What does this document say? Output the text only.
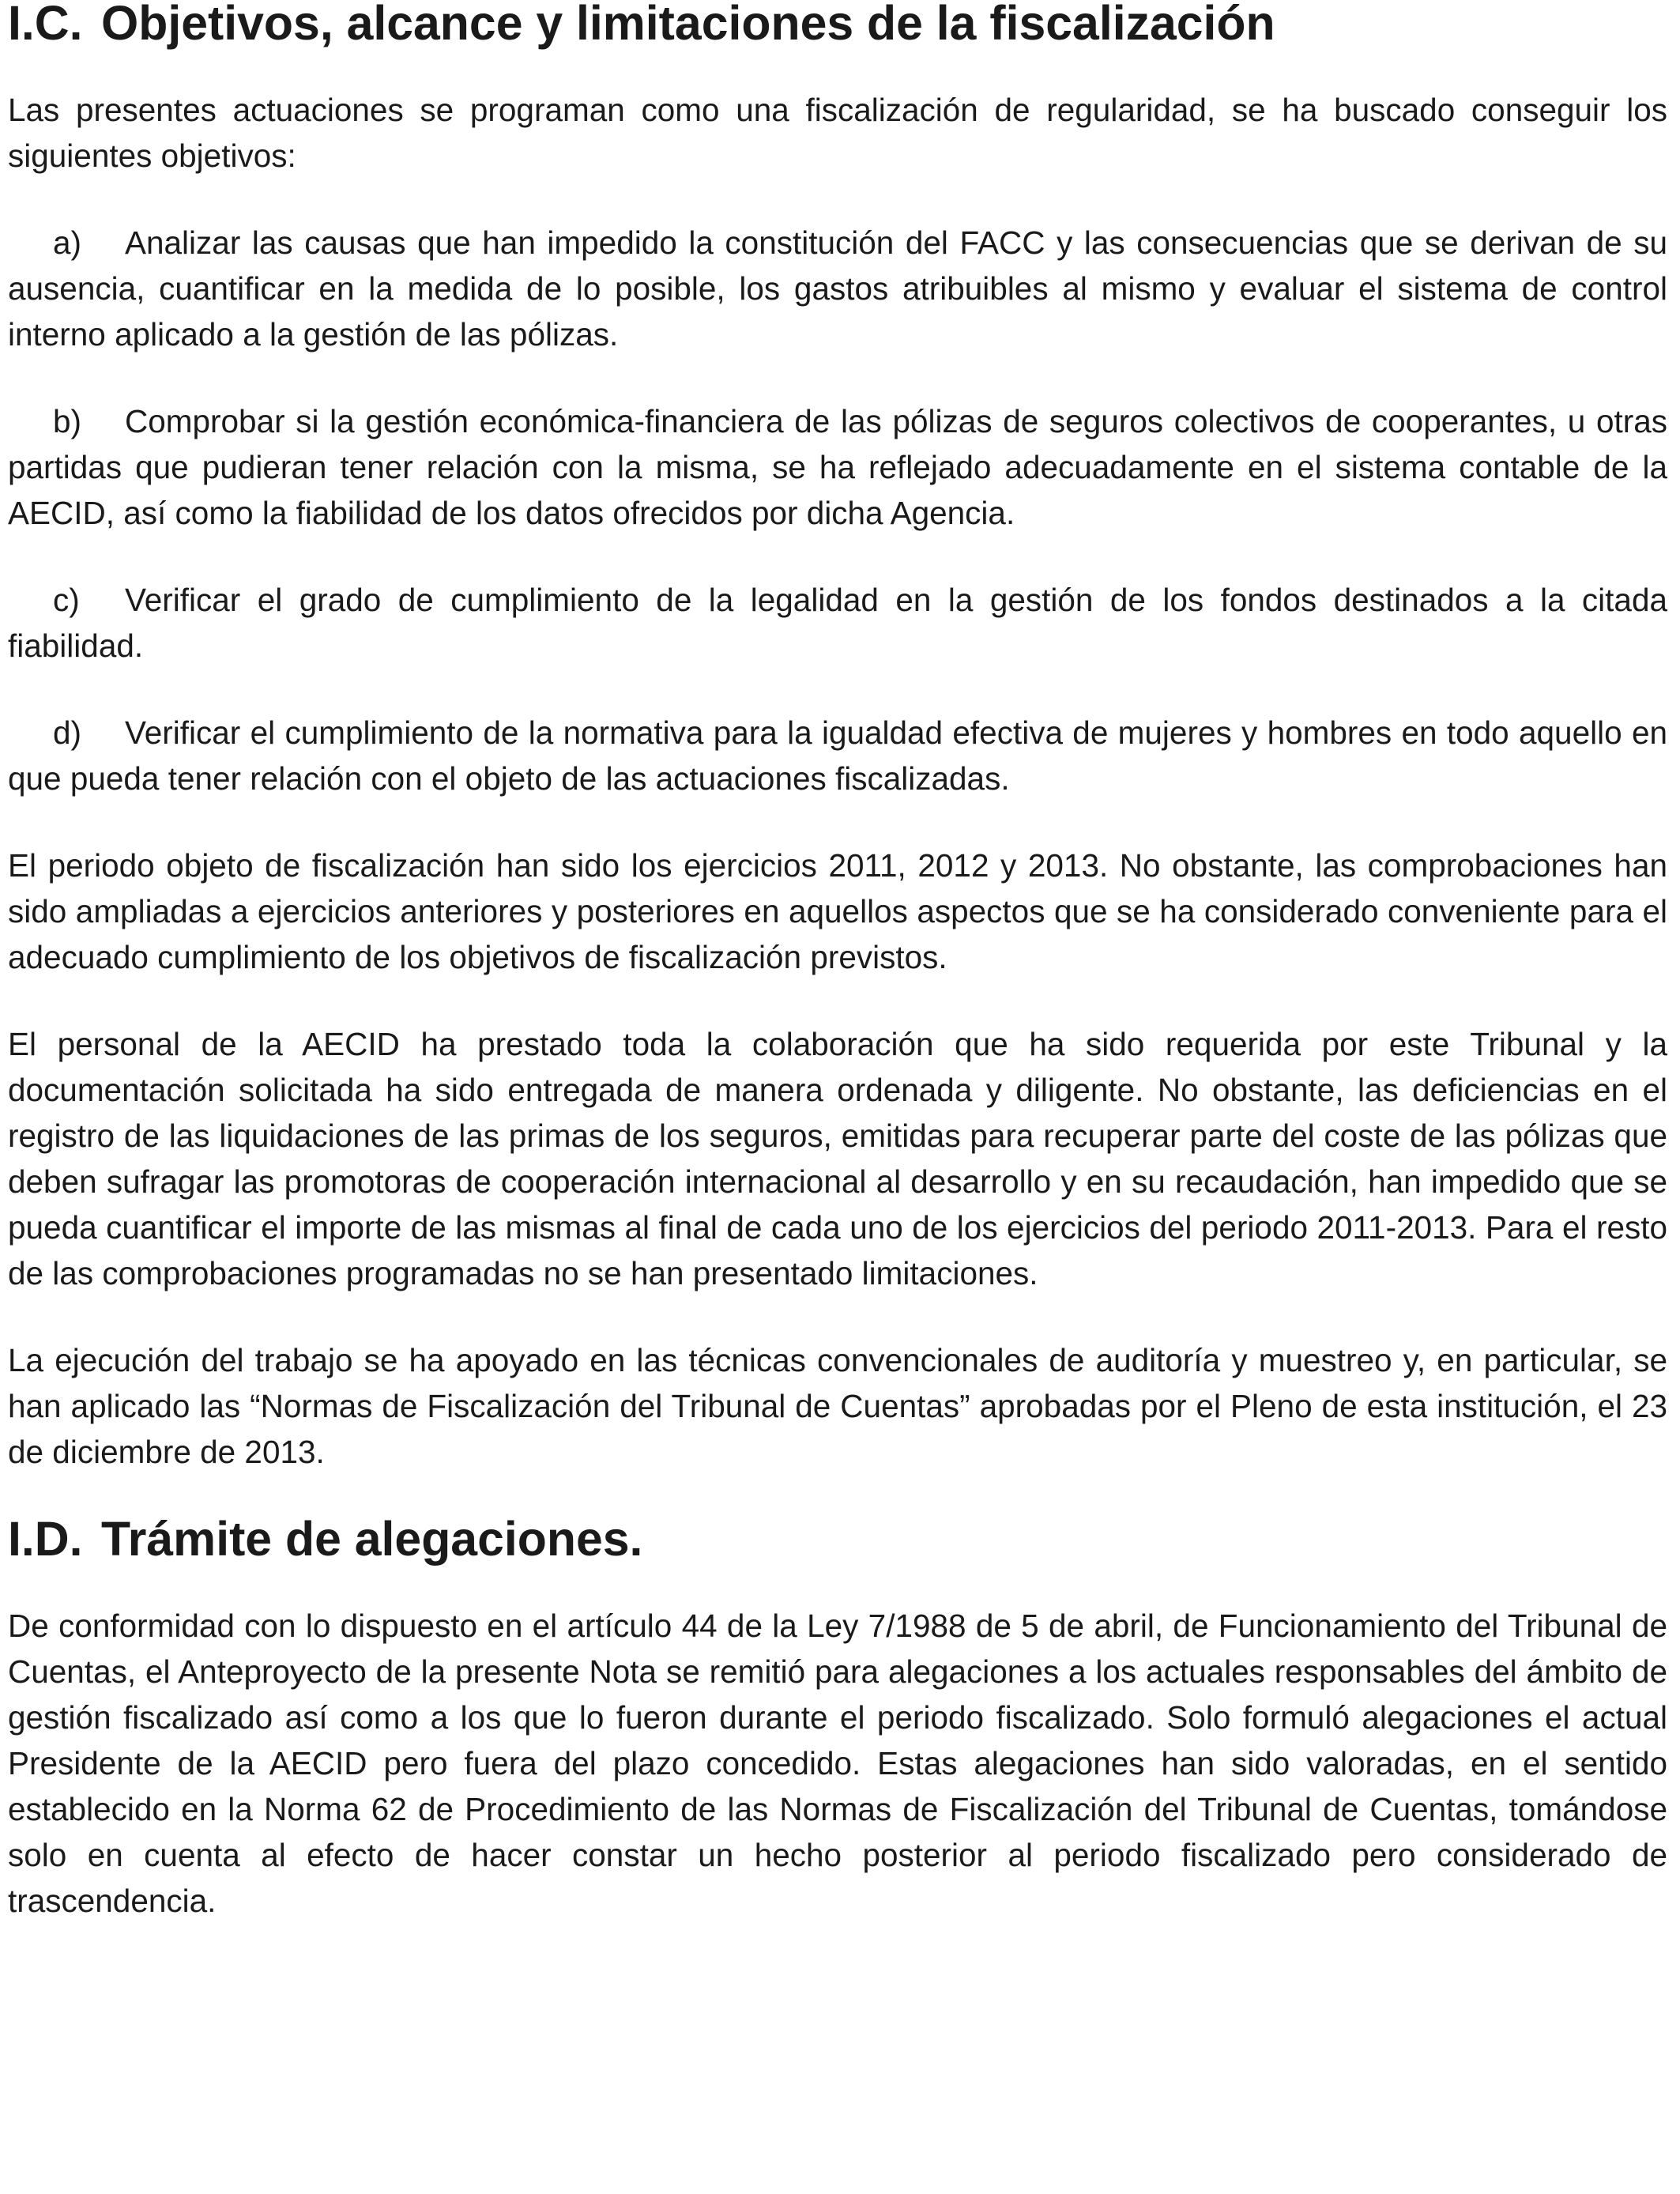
I.C. Objetivos, alcance y limitaciones de la fiscalización

Las presentes actuaciones se programan como una fiscalización de regularidad, se ha buscado conseguir los siguientes objetivos:

a) Analizar las causas que han impedido la constitución del FACC y las consecuencias que se derivan de su ausencia, cuantificar en la medida de lo posible, los gastos atribuibles al mismo y evaluar el sistema de control interno aplicado a la gestión de las pólizas.

b) Comprobar si la gestión económica-financiera de las pólizas de seguros colectivos de cooperantes, u otras partidas que pudieran tener relación con la misma, se ha reflejado adecuadamente en el sistema contable de la AECID, así como la fiabilidad de los datos ofrecidos por dicha Agencia.

c) Verificar el grado de cumplimiento de la legalidad en la gestión de los fondos destinados a la citada fiabilidad.

d) Verificar el cumplimiento de la normativa para la igualdad efectiva de mujeres y hombres en todo aquello en que pueda tener relación con el objeto de las actuaciones fiscalizadas.

El periodo objeto de fiscalización han sido los ejercicios 2011, 2012 y 2013. No obstante, las comprobaciones han sido ampliadas a ejercicios anteriores y posteriores en aquellos aspectos que se ha considerado conveniente para el adecuado cumplimiento de los objetivos de fiscalización previstos.

El personal de la AECID ha prestado toda la colaboración que ha sido requerida por este Tribunal y la documentación solicitada ha sido entregada de manera ordenada y diligente. No obstante, las deficiencias en el registro de las liquidaciones de las primas de los seguros, emitidas para recuperar parte del coste de las pólizas que deben sufragar las promotoras de cooperación internacional al desarrollo y en su recaudación, han impedido que se pueda cuantificar el importe de las mismas al final de cada uno de los ejercicios del periodo 2011-2013. Para el resto de las comprobaciones programadas no se han presentado limitaciones.

La ejecución del trabajo se ha apoyado en las técnicas convencionales de auditoría y muestreo y, en particular, se han aplicado las “Normas de Fiscalización del Tribunal de Cuentas” aprobadas por el Pleno de esta institución, el 23 de diciembre de 2013.

I.D. Trámite de alegaciones.

De conformidad con lo dispuesto en el artículo 44 de la Ley 7/1988 de 5 de abril, de Funcionamiento del Tribunal de Cuentas, el Anteproyecto de la presente Nota se remitió para alegaciones a los actuales responsables del ámbito de gestión fiscalizado así como a los que lo fueron durante el periodo fiscalizado. Solo formuló alegaciones el actual Presidente de la AECID pero fuera del plazo concedido. Estas alegaciones han sido valoradas, en el sentido establecido en la Norma 62 de Procedimiento de las Normas de Fiscalización del Tribunal de Cuentas, tomándose solo en cuenta al efecto de hacer constar un hecho posterior al periodo fiscalizado pero considerado de trascendencia.
